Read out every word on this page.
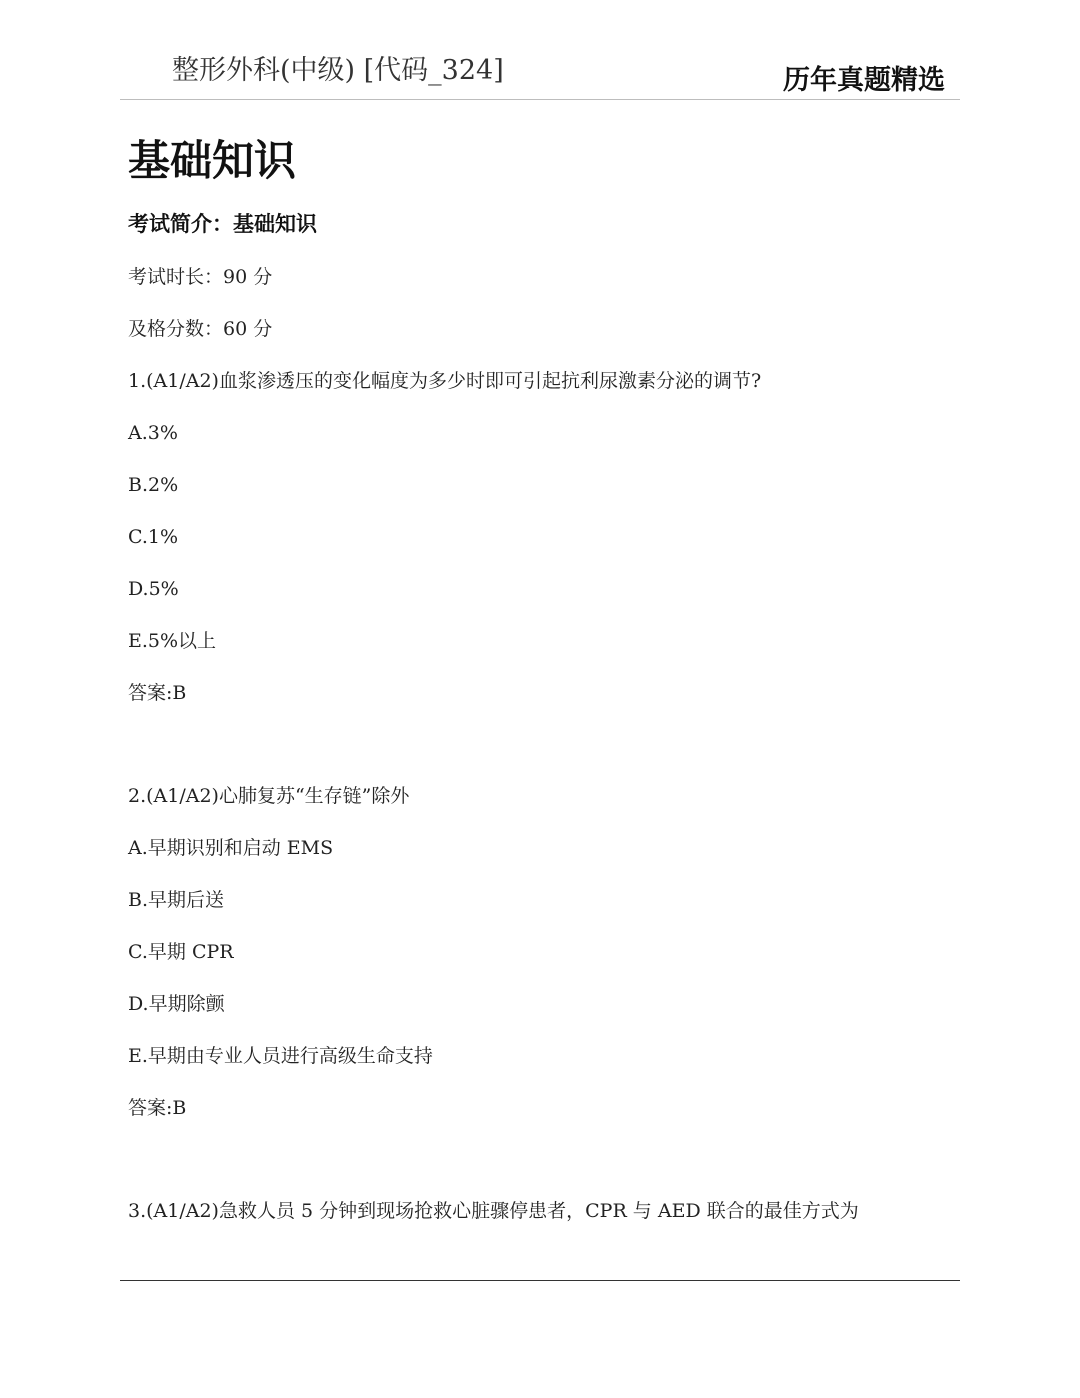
整形外科(中级) [代码_324]	历年真题精选
基础知识
考试简介：基础知识
考试时长：90 分
及格分数：60 分
1.(A1/A2)血浆渗透压的变化幅度为多少时即可引起抗利尿激素分泌的调节?
A.3%
B.2%
C.1%
D.5%
E.5%以上
答案:B
2.(A1/A2)心肺复苏“生存链”除外
A.早期识别和启动 EMS
B.早期后送
C.早期 CPR
D.早期除颤
E.早期由专业人员进行高级生命支持
答案:B
3.(A1/A2)急救人员 5 分钟到现场抢救心脏骤停患者，CPR 与 AED 联合的最佳方式为
